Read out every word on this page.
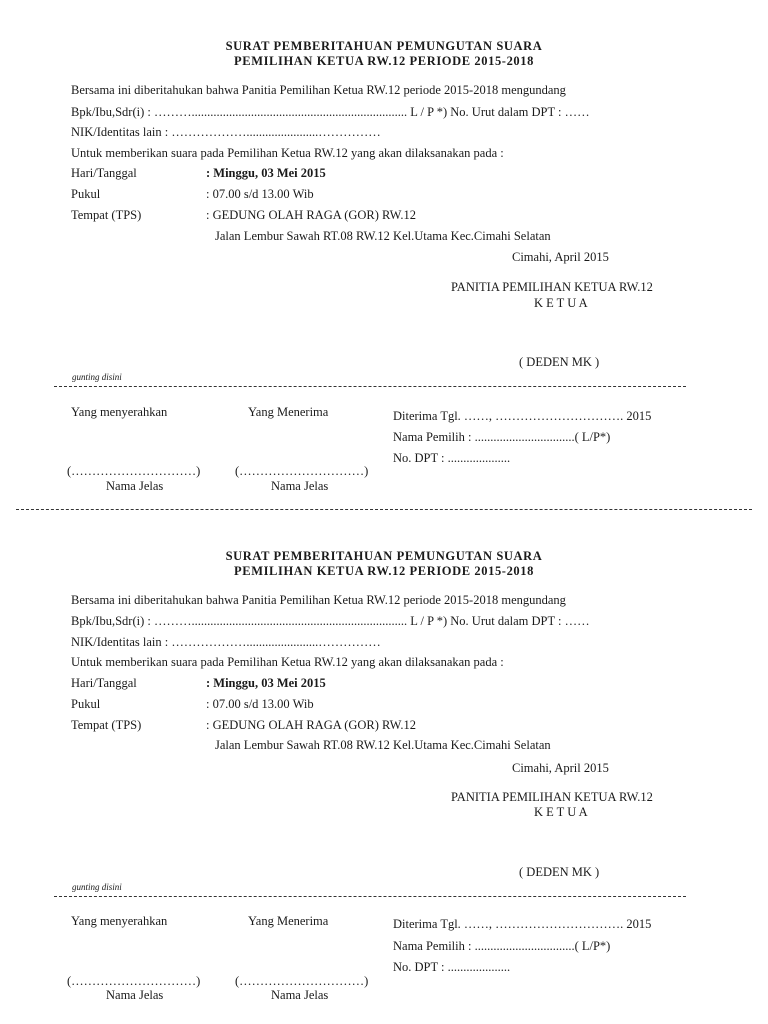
SURAT PEMBERITAHUAN PEMUNGUTAN SUARA
PEMILIHAN KETUA RW.12 PERIODE 2015-2018
Bersama ini diberitahukan bahwa Panitia Pemilihan Ketua RW.12 periode 2015-2018 mengundang
Bpk/Ibu,Sdr(i) : ………..................................................................... L / P *) No. Urut dalam DPT : ……
NIK/Identitas lain : ……………….......................……………
Untuk memberikan suara pada Pemilihan Ketua RW.12 yang akan dilaksanakan pada :
Hari/Tanggal	: Minggu, 03 Mei 2015
Pukul	: 07.00 s/d 13.00 Wib
Tempat (TPS)	: GEDUNG OLAH RAGA (GOR) RW.12
Jalan Lembur Sawah RT.08 RW.12 Kel.Utama Kec.Cimahi Selatan
Cimahi, April 2015
PANITIA PEMILIHAN KETUA RW.12
K E T U A
( DEDEN MK )
gunting disini
Yang menyerahkan	Yang Menerima	Diterima Tgl. ……, …………………………. 2015
Nama Pemilih : ................................( L/P*)
No. DPT : ....................
(…………………………)	(…………………………)
Nama Jelas	Nama Jelas
SURAT PEMBERITAHUAN PEMUNGUTAN SUARA
PEMILIHAN KETUA RW.12 PERIODE 2015-2018
Bersama ini diberitahukan bahwa Panitia Pemilihan Ketua RW.12 periode 2015-2018 mengundang
Bpk/Ibu,Sdr(i) : ………..................................................................... L / P *) No. Urut dalam DPT : ……
NIK/Identitas lain : ……………….......................……………
Untuk memberikan suara pada Pemilihan Ketua RW.12 yang akan dilaksanakan pada :
Hari/Tanggal	: Minggu, 03 Mei 2015
Pukul	: 07.00 s/d 13.00 Wib
Tempat (TPS)	: GEDUNG OLAH RAGA (GOR) RW.12
Jalan Lembur Sawah RT.08 RW.12 Kel.Utama Kec.Cimahi Selatan
Cimahi, April 2015
PANITIA PEMILIHAN KETUA RW.12
K E T U A
( DEDEN MK )
gunting disini
Yang menyerahkan	Yang Menerima	Diterima Tgl. ……, …………………………. 2015
Nama Pemilih : ................................( L/P*)
No. DPT : ....................
(…………………………)	(…………………………)
Nama Jelas	Nama Jelas
